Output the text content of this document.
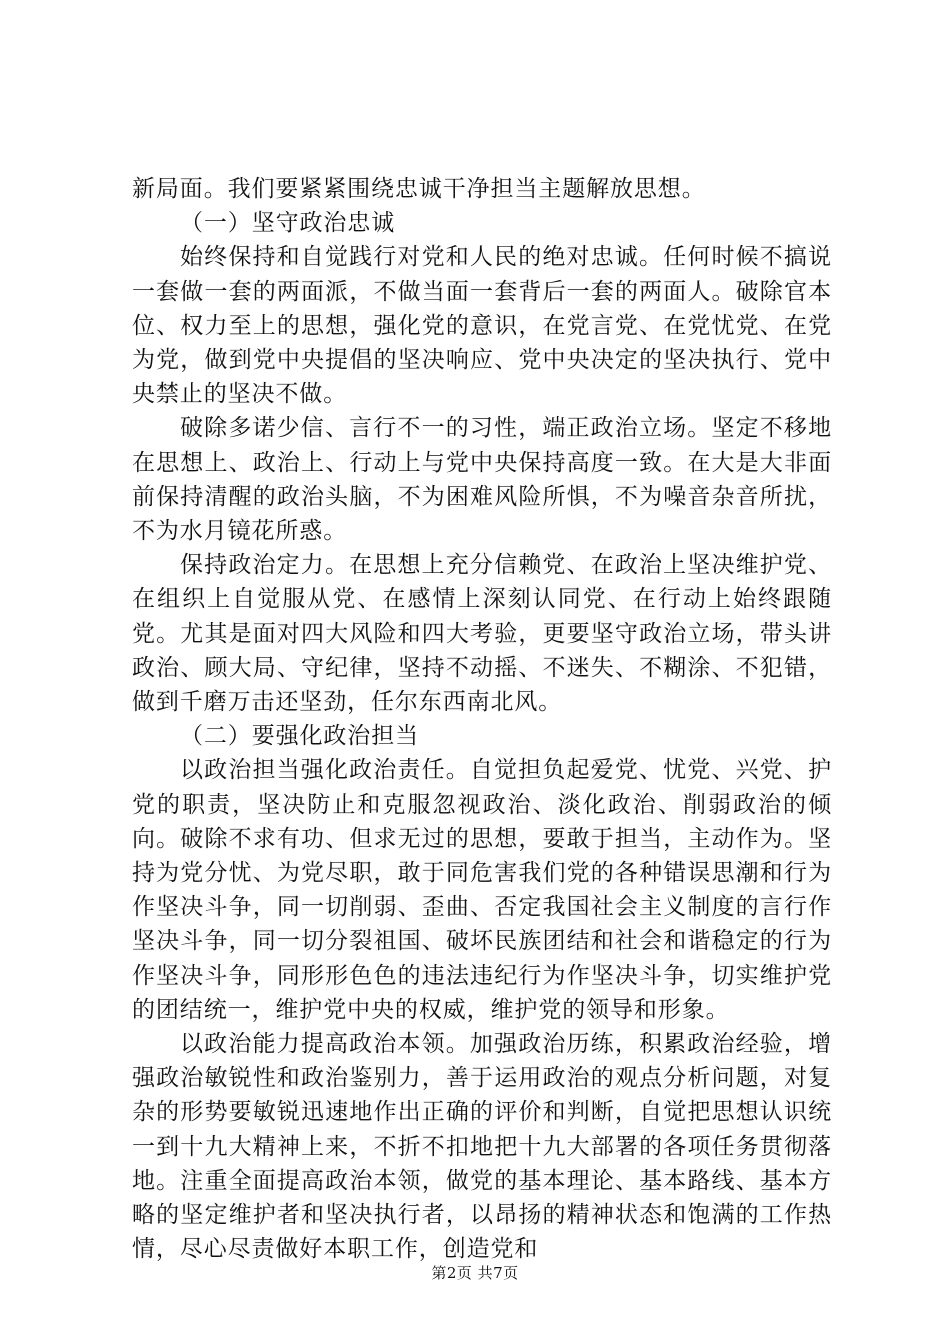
新局面。我们要紧紧围绕忠诚干净担当主题解放思想。

（一）坚守政治忠诚

始终保持和自觉践行对党和人民的绝对忠诚。任何时候不搞说一套做一套的两面派，不做当面一套背后一套的两面人。破除官本位、权力至上的思想，强化党的意识，在党言党、在党忧党、在党为党，做到党中央提倡的坚决响应、党中央决定的坚决执行、党中央禁止的坚决不做。

破除多诺少信、言行不一的习性，端正政治立场。坚定不移地在思想上、政治上、行动上与党中央保持高度一致。在大是大非面前保持清醒的政治头脑，不为困难风险所惧，不为噪音杂音所扰，不为水月镜花所惑。

保持政治定力。在思想上充分信赖党、在政治上坚决维护党、在组织上自觉服从党、在感情上深刻认同党、在行动上始终跟随党。尤其是面对四大风险和四大考验，更要坚守政治立场，带头讲政治、顾大局、守纪律，坚持不动摇、不迷失、不糊涂、不犯错，做到千磨万击还坚劲，任尔东西南北风。

（二）要强化政治担当

以政治担当强化政治责任。自觉担负起爱党、忧党、兴党、护党的职责，坚决防止和克服忽视政治、淡化政治、削弱政治的倾向。破除不求有功、但求无过的思想，要敢于担当，主动作为。坚持为党分忧、为党尽职，敢于同危害我们党的各种错误思潮和行为作坚决斗争，同一切削弱、歪曲、否定我国社会主义制度的言行作坚决斗争，同一切分裂祖国、破坏民族团结和社会和谐稳定的行为作坚决斗争，同形形色色的违法违纪行为作坚决斗争，切实维护党的团结统一，维护党中央的权威，维护党的领导和形象。

以政治能力提高政治本领。加强政治历练，积累政治经验，增强政治敏锐性和政治鉴别力，善于运用政治的观点分析问题，对复杂的形势要敏锐迅速地作出正确的评价和判断，自觉把思想认识统一到十九大精神上来，不折不扣地把十九大部署的各项任务贯彻落地。注重全面提高政治本领，做党的基本理论、基本路线、基本方略的坚定维护者和坚决执行者，以昂扬的精神状态和饱满的工作热情，尽心尽责做好本职工作，创造党和

第2页 共7页
